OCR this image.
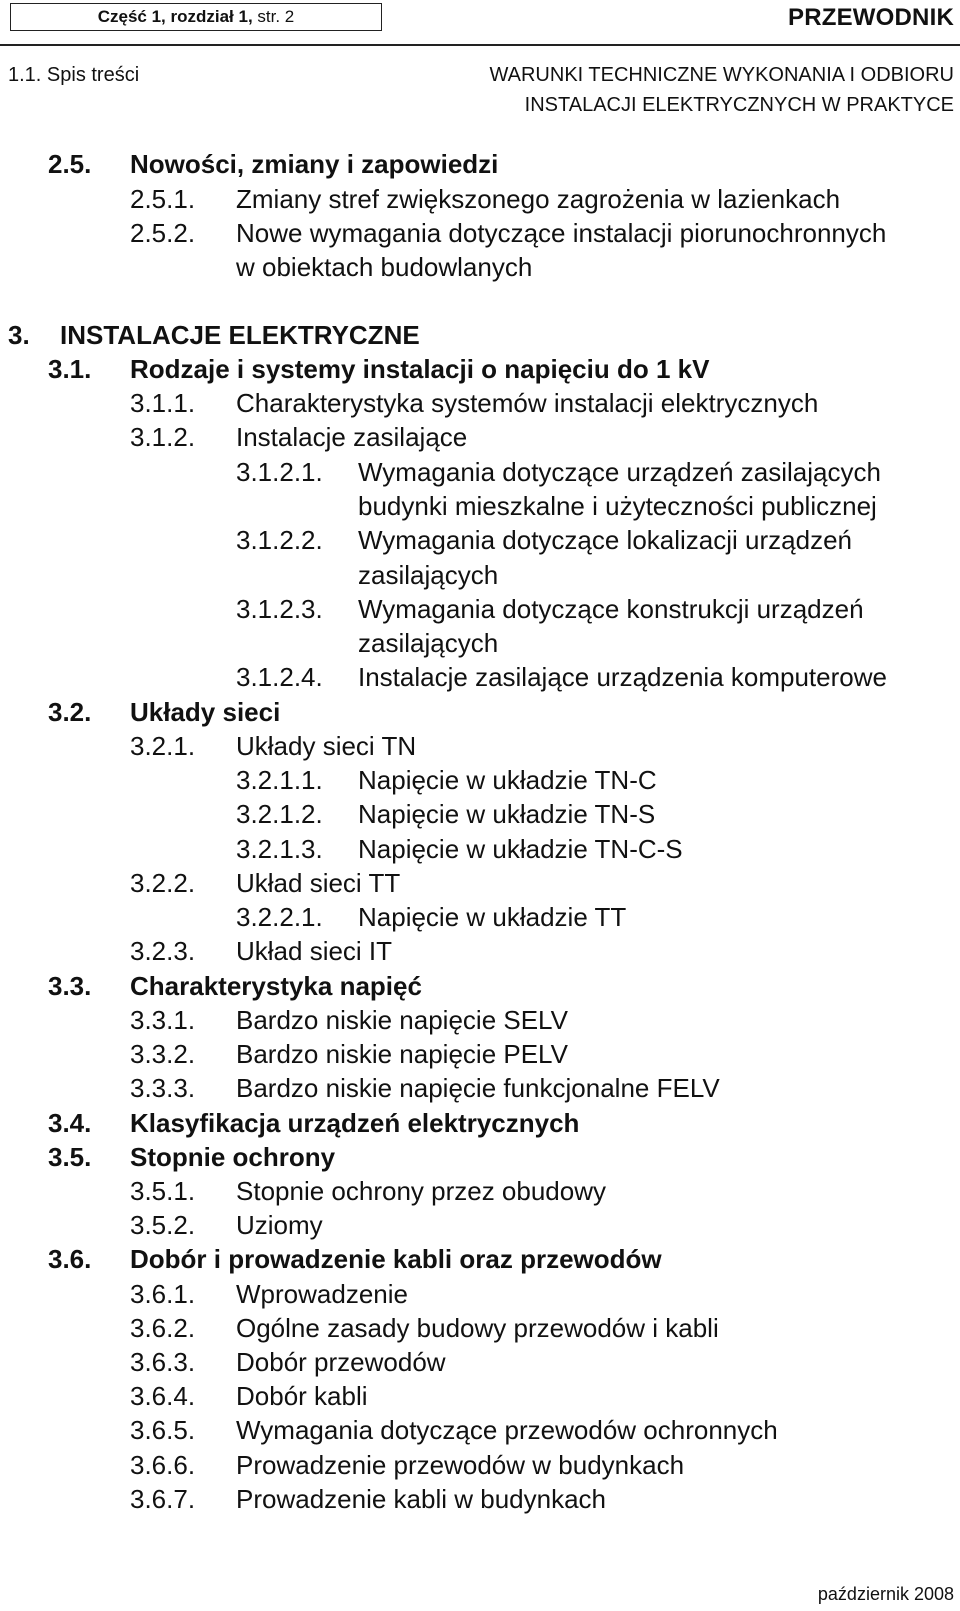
Część 1, rozdział 1, str. 2	PRZEWODNIK
1.1. Spis treści	WARUNKI TECHNICZNE WYKONANIA I ODBIORU
INSTALACJI ELEKTRYCZNYCH W PRAKTYCE
2.5. Nowości, zmiany i zapowiedzi
2.5.1. Zmiany stref zwiększonego zagrożenia w lazienkach
2.5.2. Nowe wymagania dotyczące instalacji piorunochronnych
w obiektach budowlanych
3. INSTALACJE ELEKTRYCZNE
3.1. Rodzaje i systemy instalacji o napięciu do 1 kV
3.1.1. Charakterystyka systemów instalacji elektrycznych
3.1.2. Instalacje zasilające
3.1.2.1. Wymagania dotyczące urządzeń zasilających
budynki mieszkalne i użyteczności publicznej
3.1.2.2. Wymagania dotyczące lokalizacji urządzeń
zasilających
3.1.2.3. Wymagania dotyczące konstrukcji urządzeń
zasilających
3.1.2.4. Instalacje zasilające urządzenia komputerowe
3.2. Układy sieci
3.2.1. Układy sieci TN
3.2.1.1. Napięcie w układzie TN-C
3.2.1.2. Napięcie w układzie TN-S
3.2.1.3. Napięcie w układzie TN-C-S
3.2.2. Układ sieci TT
3.2.2.1. Napięcie w układzie TT
3.2.3. Układ sieci IT
3.3. Charakterystyka napięć
3.3.1. Bardzo niskie napięcie SELV
3.3.2. Bardzo niskie napięcie PELV
3.3.3. Bardzo niskie napięcie funkcjonalne FELV
3.4. Klasyfikacja urządzeń elektrycznych
3.5. Stopnie ochrony
3.5.1. Stopnie ochrony przez obudowy
3.5.2. Uziomy
3.6. Dobór i prowadzenie kabli oraz przewodów
3.6.1. Wprowadzenie
3.6.2. Ogólne zasady budowy przewodów i kabli
3.6.3. Dobór przewodów
3.6.4. Dobór kabli
3.6.5. Wymagania dotyczące przewodów ochronnych
3.6.6. Prowadzenie przewodów w budynkach
3.6.7. Prowadzenie kabli w budynkach
październik 2008
